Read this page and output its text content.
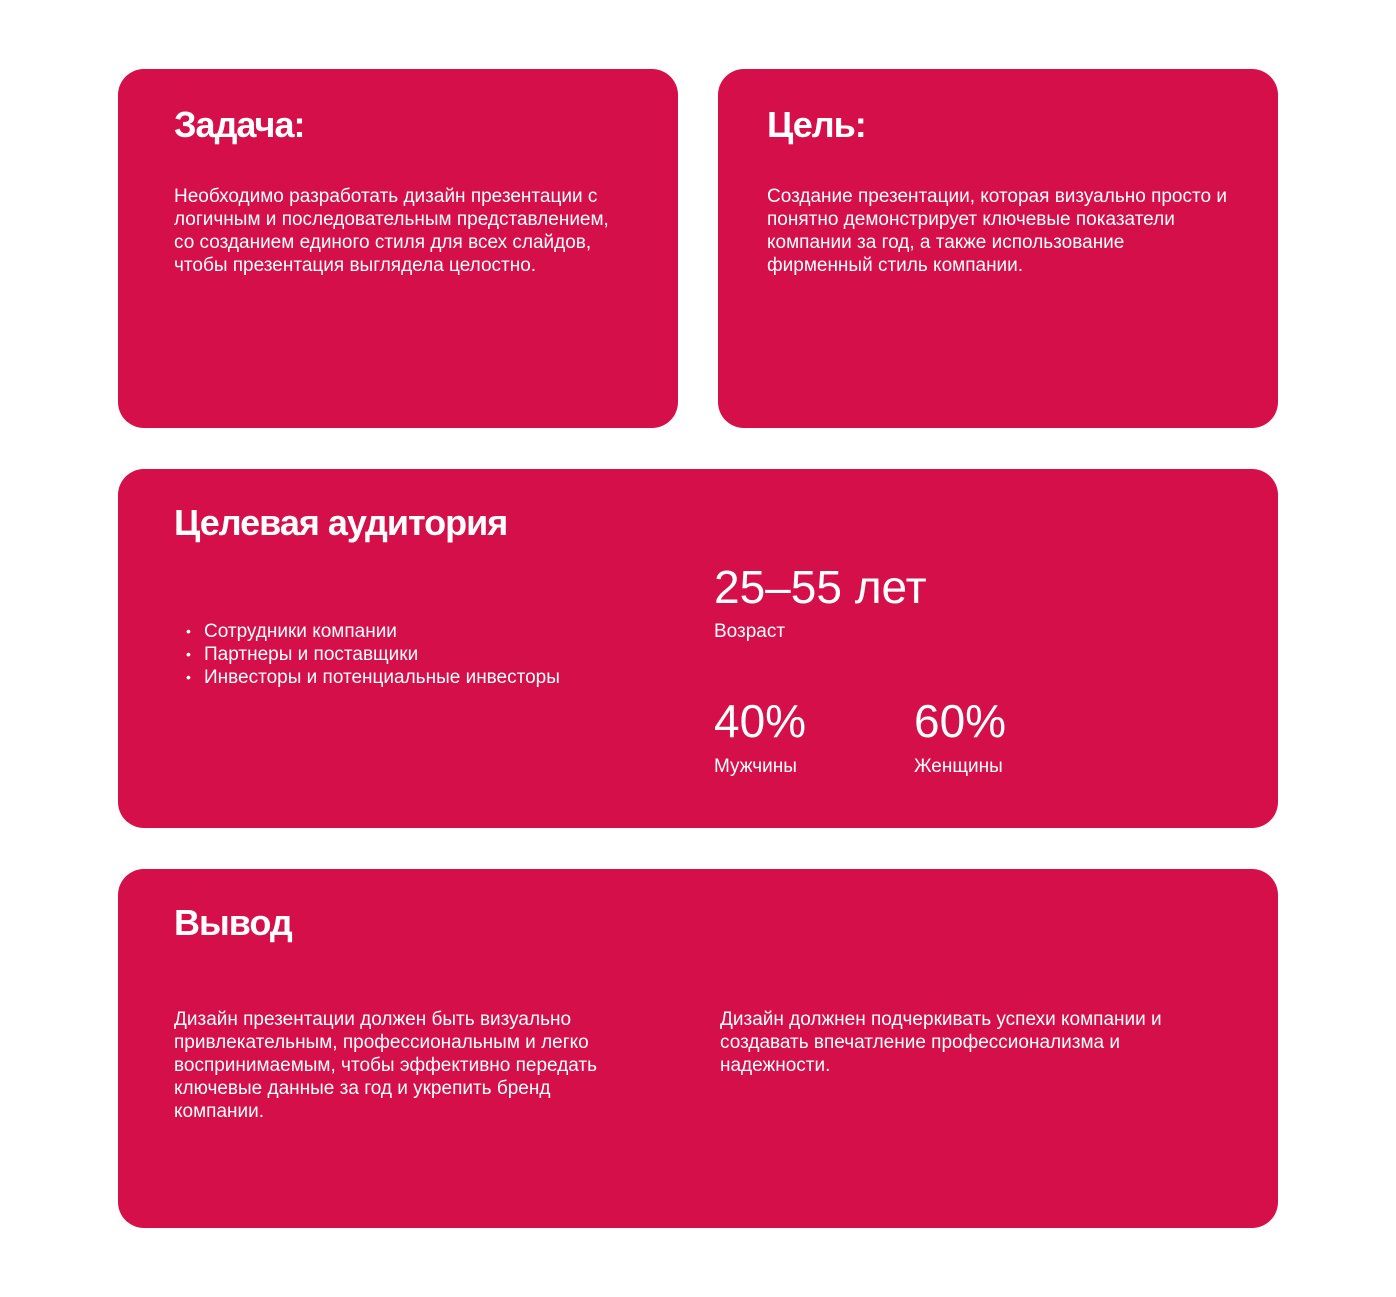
Задача:

Необходимо разработать дизайн презентации с логичным и последовательным представлением, со созданием единого стиля для всех слайдов, чтобы презентация выглядела целостно.

Цель:

Создание презентации, которая визуально просто и понятно демонстрирует ключевые показатели компании за год, а также использование фирменный стиль компании.

Целевая аудитория
• Сотрудники компании
• Партнеры и поставщики
• Инвесторы и потенциальные инвесторы
25–55 лет
Возраст
40%
Мужчины
60%
Женщины
Вывод

Дизайн презентации должен быть визуально привлекательным, профессиональным и легко воспринимаемым, чтобы эффективно передать ключевые данные за год и укрепить бренд компании.

Дизайн должнен подчеркивать успехи компании и создавать впечатление профессионализма и надежности.
